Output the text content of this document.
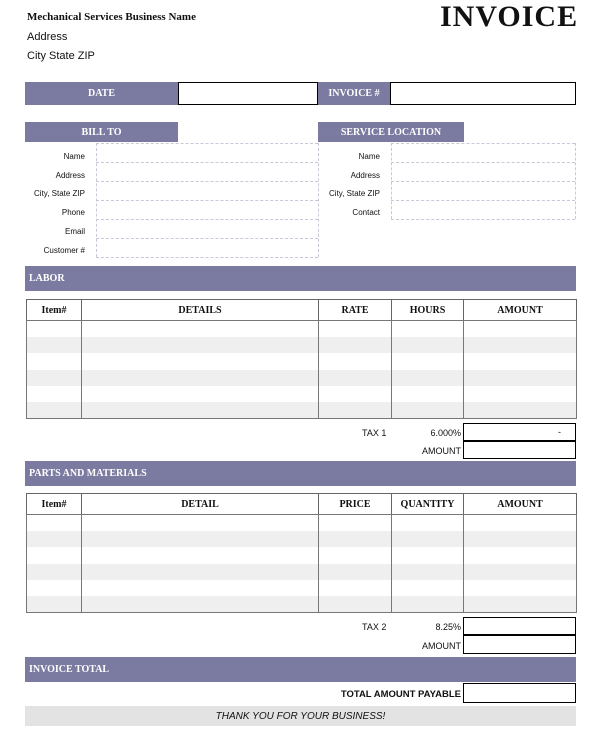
Mechanical Services Business Name
Address
City State ZIP
INVOICE
DATE	INVOICE #
BILL TO
Name
Address
City, State ZIP
Phone
Email
Customer #
SERVICE LOCATION
Name
Address
City, State ZIP
Contact
LABOR
Item#	DETAILS	RATE	HOURS	AMOUNT

TAX 1	6.000%	-
AMOUNT
PARTS AND MATERIALS
Item#	DETAIL	PRICE	QUANTITY	AMOUNT

TAX 2	8.25%
AMOUNT
INVOICE TOTAL
TOTAL AMOUNT PAYABLE
THANK YOU FOR YOUR BUSINESS!
